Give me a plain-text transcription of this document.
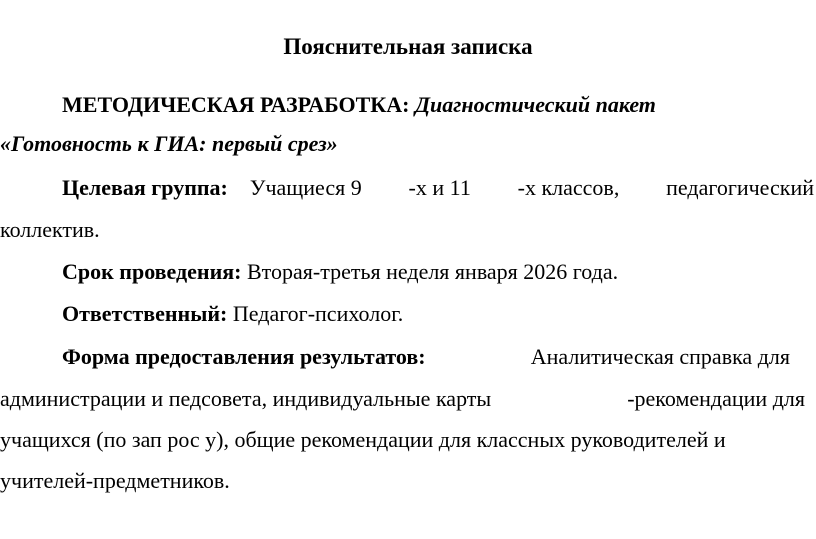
Пояснительная записка

МЕТОДИЧЕСКАЯ РАЗРАБОТКА: Диагностический пакет

«Готовность к ГИА: первый срез»

Целевая группа: Учащиеся 9 -х и 11 -х классов, педагогический

коллектив.

Срок проведения: Вторая-третья неделя января 2026 года.

Ответственный: Педагог-психолог.

Форма предоставления результатов:	Аналитическая справка для
администрации и педсовета, индивидуальные карты	-рекомендации для

учащихся (по зап рос у), общие рекомендации для классных руководителей и

учителей-предметников.
